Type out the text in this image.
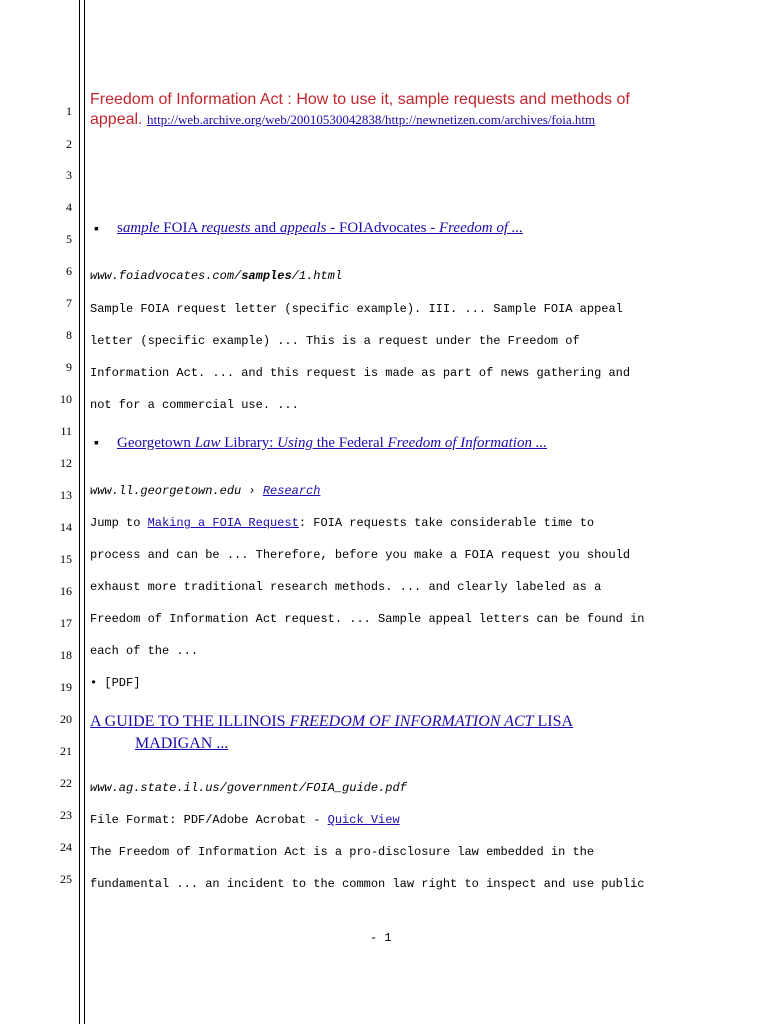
1
2
3
4
5
6
7
8
9
10
11
12
13
14
15
16
17
18
19
20
21
22
23
24
25
Freedom of Information Act : How to use it, sample requests and methods of appeal. http://web.archive.org/web/20010530042838/http://newnetizen.com/archives/foia.htm
▪ sample FOIA requests and appeals - FOIAdvocates - Freedom of ...
www.foiadvocates.com/samples/1.html
Sample FOIA request letter (specific example). III. ... Sample FOIA appeal
letter (specific example) ... This is a request under the Freedom of
Information Act. ... and this request is made as part of news gathering and
not for a commercial use. ...
▪ Georgetown Law Library: Using the Federal Freedom of Information ...
www.ll.georgetown.edu › Research
Jump to Making a FOIA Request: FOIA requests take considerable time to
process and can be ... Therefore, before you make a FOIA request you should
exhaust more traditional research methods. ... and clearly labeled as a
Freedom of Information Act request. ... Sample appeal letters can be found in
each of the ...
• [PDF]
A GUIDE TO THE ILLINOIS FREEDOM OF INFORMATION ACT LISA
MADIGAN ...
www.ag.state.il.us/government/FOIA_guide.pdf
File Format: PDF/Adobe Acrobat - Quick View
The Freedom of Information Act is a pro-disclosure law embedded in the
fundamental ... an incident to the common law right to inspect and use public
- 1
